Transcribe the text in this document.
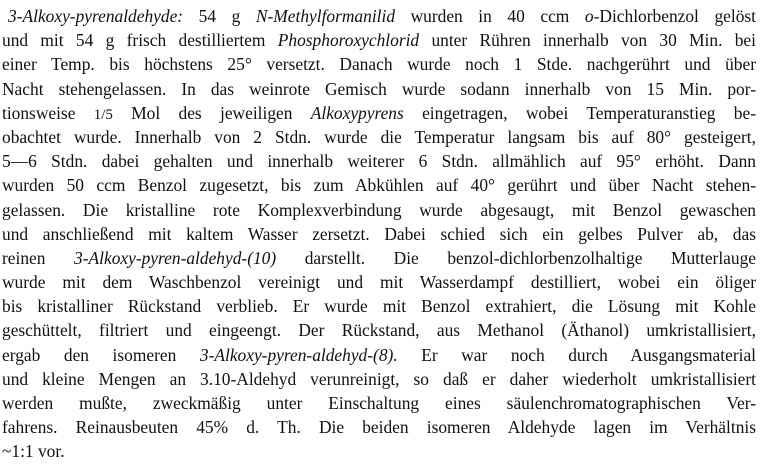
3-Alkoxy-pyrenaldehyde: 54 g N-Methylformanilid wurden in 40 ccm o-Dichlorbenzol gelöst
und mit 54 g frisch destilliertem Phosphoroxychlorid unter Rühren innerhalb von 30 Min. bei
einer Temp. bis höchstens 25° versetzt. Danach wurde noch 1 Stde. nachgerührt und über
Nacht stehengelassen. In das weinrote Gemisch wurde sodann innerhalb von 15 Min. por-
tionsweise 1/5 Mol des jeweiligen Alkoxypyrens eingetragen, wobei Temperaturanstieg be-
obachtet wurde. Innerhalb von 2 Stdn. wurde die Temperatur langsam bis auf 80° gesteigert,
5—6 Stdn. dabei gehalten und innerhalb weiterer 6 Stdn. allmählich auf 95° erhöht. Dann
wurden 50 ccm Benzol zugesetzt, bis zum Abkühlen auf 40° gerührt und über Nacht stehen-
gelassen. Die kristalline rote Komplexverbindung wurde abgesaugt, mit Benzol gewaschen
und anschließend mit kaltem Wasser zersetzt. Dabei schied sich ein gelbes Pulver ab, das
reinen 3-Alkoxy-pyren-aldehyd-(10) darstellt. Die benzol-dichlorbenzolhaltige Mutterlauge
wurde mit dem Waschbenzol vereinigt und mit Wasserdampf destilliert, wobei ein öliger
bis kristalliner Rückstand verblieb. Er wurde mit Benzol extrahiert, die Lösung mit Kohle
geschüttelt, filtriert und eingeengt. Der Rückstand, aus Methanol (Äthanol) umkristallisiert,
ergab den isomeren 3-Alkoxy-pyren-aldehyd-(8). Er war noch durch Ausgangsmaterial
und kleine Mengen an 3.10-Aldehyd verunreinigt, so daß er daher wiederholt umkristallisiert
werden mußte, zweckmäßig unter Einschaltung eines säulenchromatographischen Ver-
fahrens. Reinausbeuten 45% d. Th. Die beiden isomeren Aldehyde lagen im Verhältnis
~1:1 vor.
